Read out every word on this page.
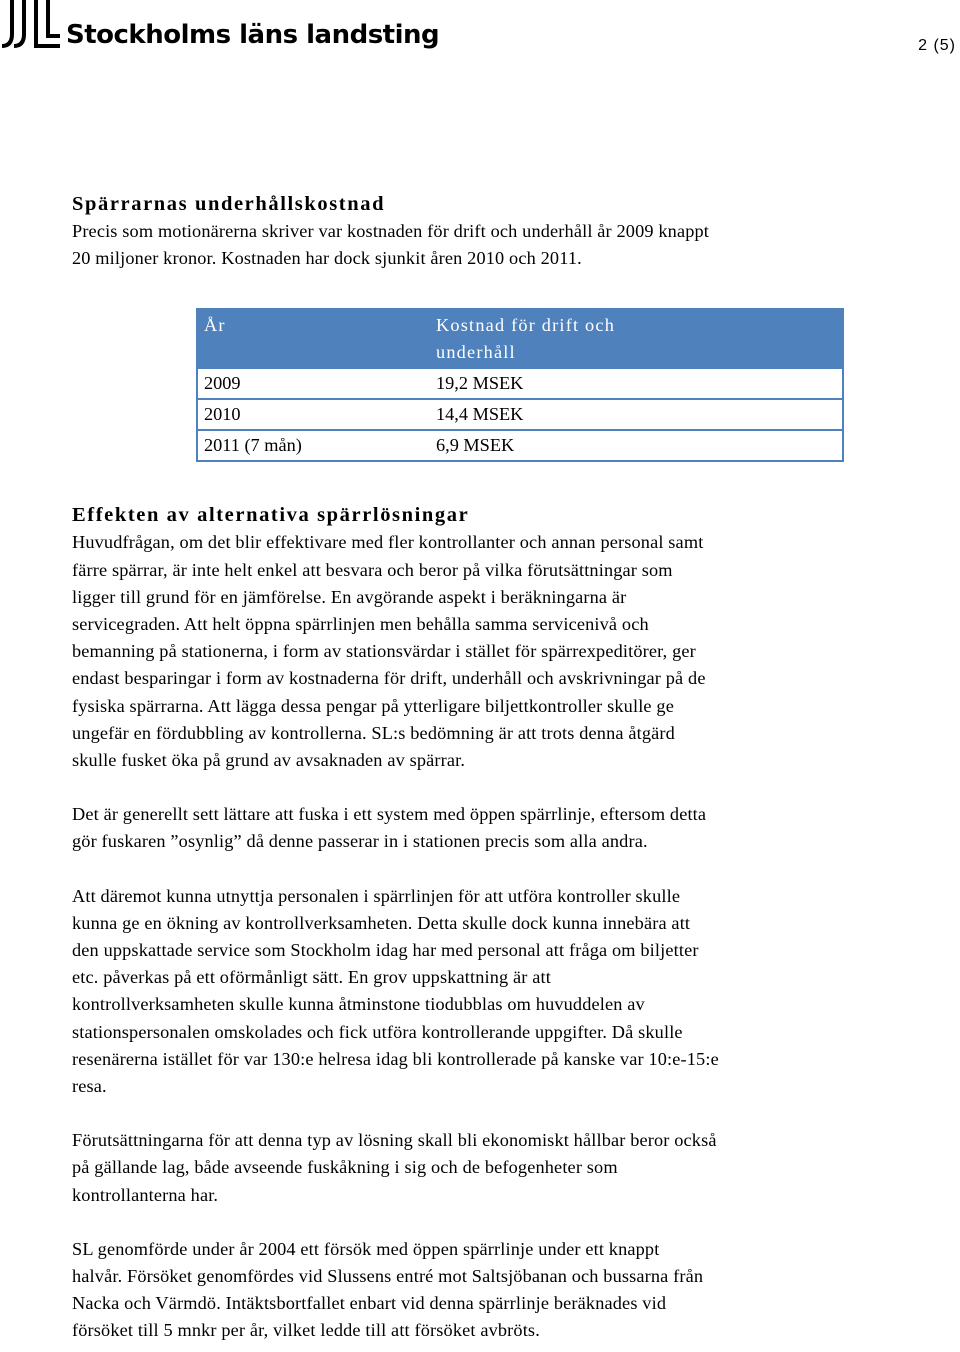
Stockholms läns landsting	2 (5)
Spärrarnas underhållskostnad

Precis som motionärerna skriver var kostnaden för drift och underhåll år 2009 knappt
20 miljoner kronor. Kostnaden har dock sjunkit åren 2010 och 2011.

År	Kostnad för drift och
underhåll
2009	19,2 MSEK
2010	14,4 MSEK
2011 (7 mån)	6,9 MSEK
Effekten av alternativa spärrlösningar

Huvudfrågan, om det blir effektivare med fler kontrollanter och annan personal samt
färre spärrar, är inte helt enkel att besvara och beror på vilka förutsättningar som
ligger till grund för en jämförelse. En avgörande aspekt i beräkningarna är
servicegraden. Att helt öppna spärrlinjen men behålla samma servicenivå och
bemanning på stationerna, i form av stationsvärdar i stället för spärrexpeditörer, ger
endast besparingar i form av kostnaderna för drift, underhåll och avskrivningar på de
fysiska spärrarna. Att lägga dessa pengar på ytterligare biljettkontroller skulle ge
ungefär en fördubbling av kontrollerna. SL:s bedömning är att trots denna åtgärd
skulle fusket öka på grund av avsaknaden av spärrar.

Det är generellt sett lättare att fuska i ett system med öppen spärrlinje, eftersom detta
gör fuskaren ”osynlig” då denne passerar in i stationen precis som alla andra.

Att däremot kunna utnyttja personalen i spärrlinjen för att utföra kontroller skulle
kunna ge en ökning av kontrollverksamheten. Detta skulle dock kunna innebära att
den uppskattade service som Stockholm idag har med personal att fråga om biljetter
etc. påverkas på ett oförmånligt sätt. En grov uppskattning är att
kontrollverksamheten skulle kunna åtminstone tiodubblas om huvuddelen av
stationspersonalen omskolades och fick utföra kontrollerande uppgifter. Då skulle
resenärerna istället för var 130:e helresa idag bli kontrollerade på kanske var 10:e-15:e
resa.

Förutsättningarna för att denna typ av lösning skall bli ekonomiskt hållbar beror också
på gällande lag, både avseende fuskåkning i sig och de befogenheter som
kontrollanterna har.

SL genomförde under år 2004 ett försök med öppen spärrlinje under ett knappt
halvår. Försöket genomfördes vid Slussens entré mot Saltsjöbanan och bussarna från
Nacka och Värmdö. Intäktsbortfallet enbart vid denna spärrlinje beräknades vid
försöket till 5 mnkr per år, vilket ledde till att försöket avbröts.
